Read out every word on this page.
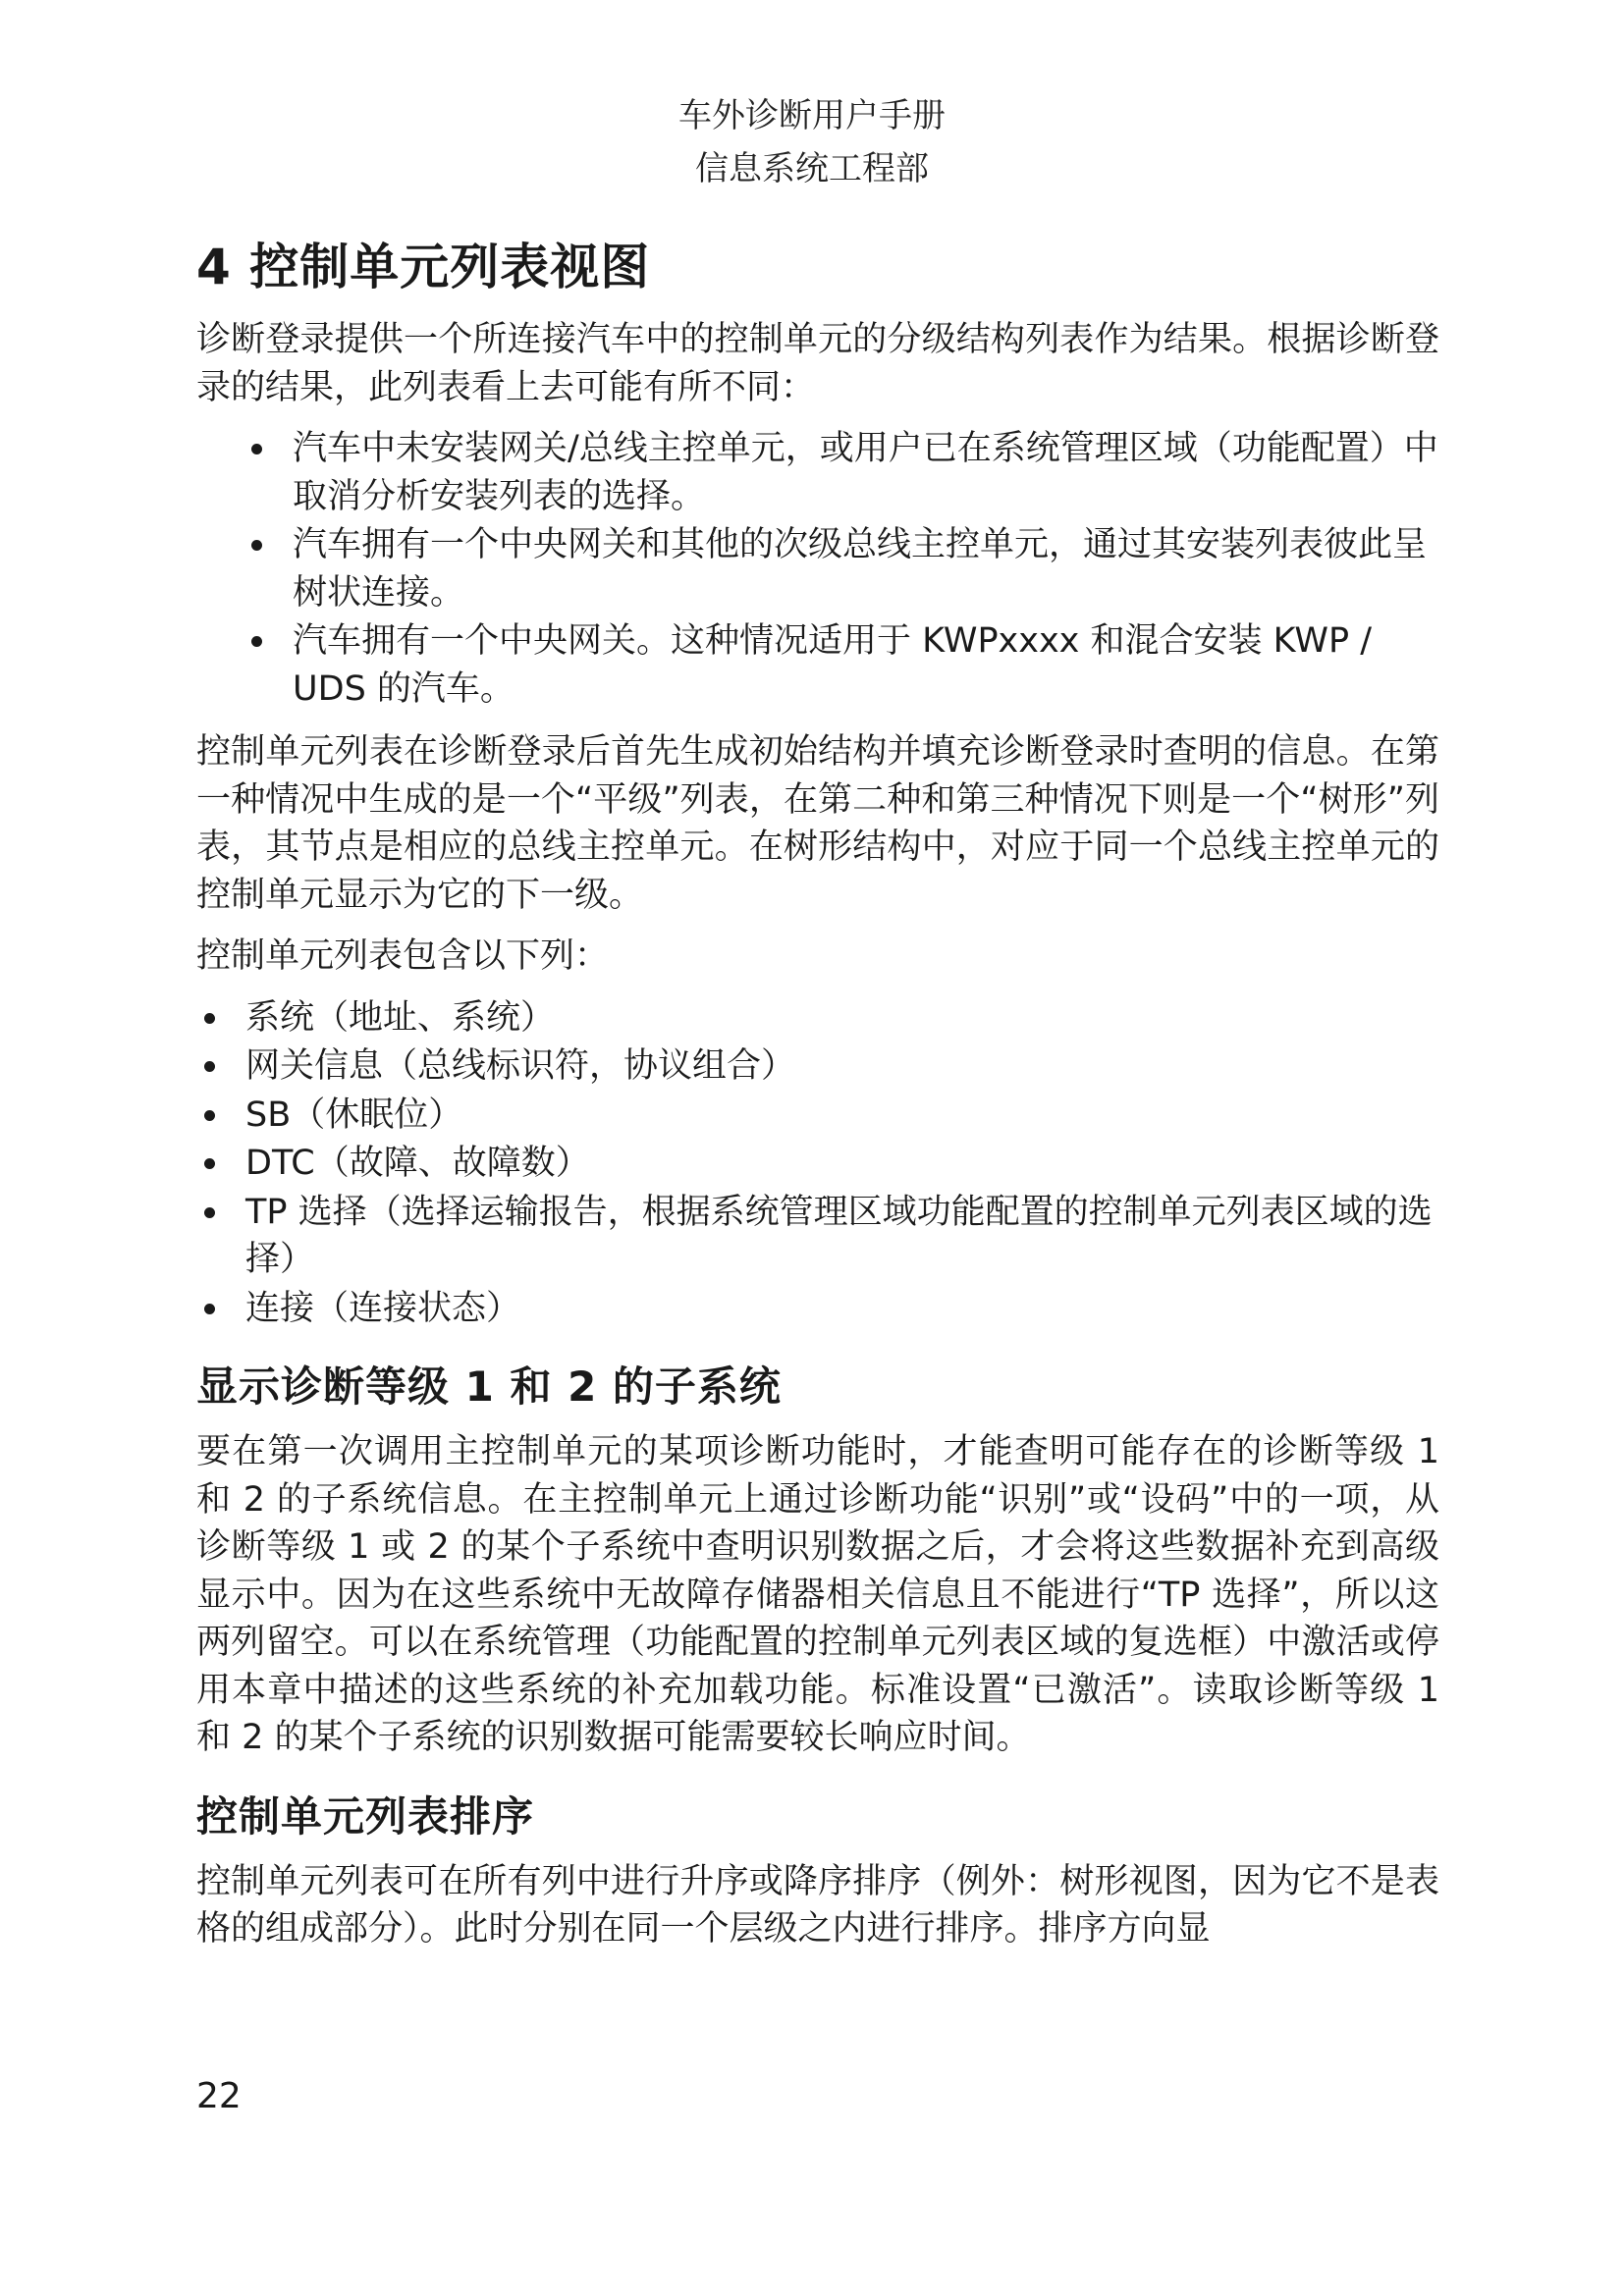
车外诊断用户手册
信息系统工程部
4 控制单元列表视图

诊断登录提供一个所连接汽车中的控制单元的分级结构列表作为结果。根据诊断登录的结果，此列表看上去可能有所不同：

汽车中未安装网关/总线主控单元，或用户已在系统管理区域（功能配置）中取消分析安装列表的选择。
汽车拥有一个中央网关和其他的次级总线主控单元，通过其安装列表彼此呈树状连接。
汽车拥有一个中央网关。这种情况适用于 KWPxxxx 和混合安装 KWP / UDS 的汽车。

控制单元列表在诊断登录后首先生成初始结构并填充诊断登录时查明的信息。在第一种情况中生成的是一个“平级”列表，在第二种和第三种情况下则是一个“树形”列表，其节点是相应的总线主控单元。在树形结构中，对应于同一个总线主控单元的控制单元显示为它的下一级。

控制单元列表包含以下列：

系统（地址、系统）
网关信息（总线标识符，协议组合）
SB（休眠位）
DTC（故障、故障数）
TP 选择（选择运输报告，根据系统管理区域功能配置的控制单元列表区域的选择）
连接（连接状态）
显示诊断等级 1 和 2 的子系统

要在第一次调用主控制单元的某项诊断功能时，才能查明可能存在的诊断等级 1 和 2 的子系统信息。在主控制单元上通过诊断功能“识别”或“设码”中的一项，从诊断等级 1 或 2 的某个子系统中查明识别数据之后，才会将这些数据补充到高级显示中。因为在这些系统中无故障存储器相关信息且不能进行“TP 选择”，所以这两列留空。可以在系统管理（功能配置的控制单元列表区域的复选框）中激活或停用本章中描述的这些系统的补充加载功能。标准设置“已激活”。读取诊断等级 1 和 2 的某个子系统的识别数据可能需要较长响应时间。

控制单元列表排序

控制单元列表可在所有列中进行升序或降序排序（例外：树形视图，因为它不是表格的组成部分）。此时分别在同一个层级之内进行排序。排序方向显

22
